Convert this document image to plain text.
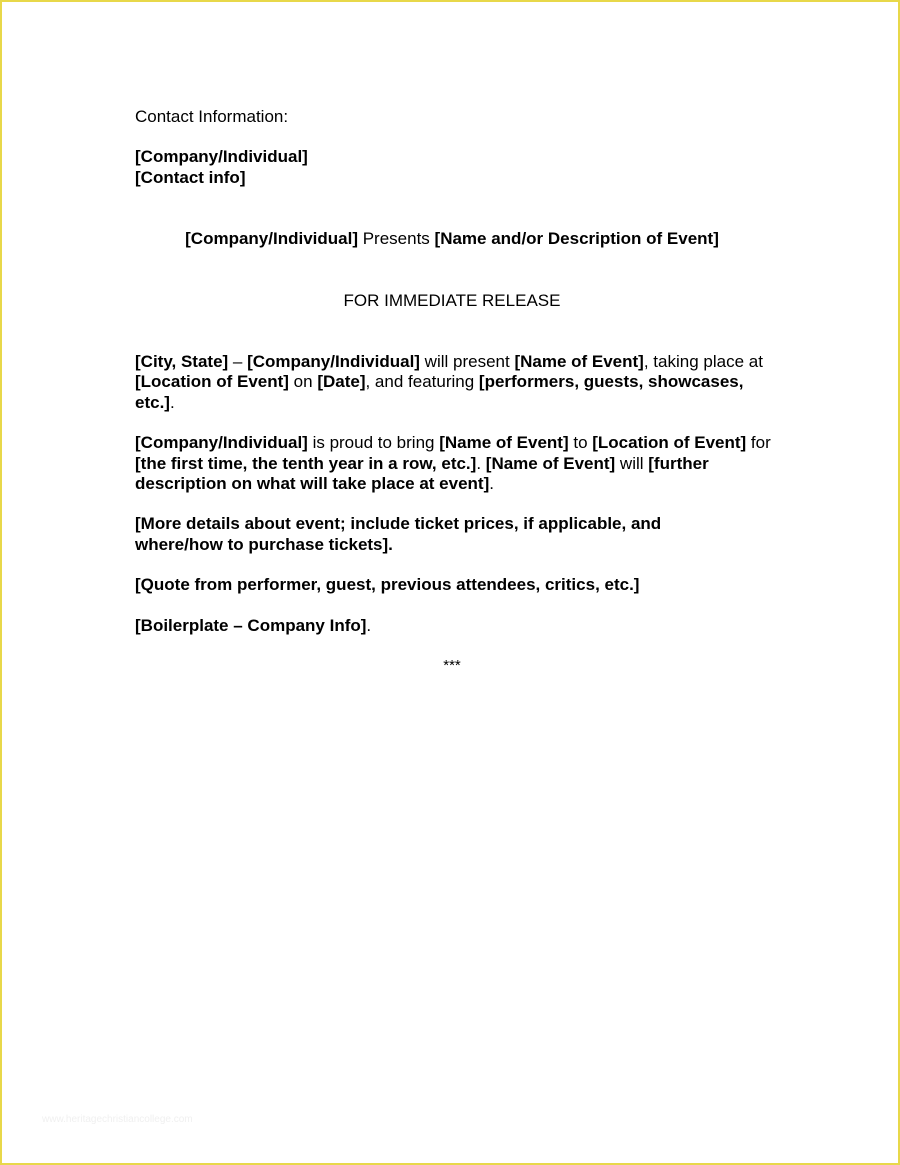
Contact Information:

[Company/Individual]
[Contact info]

[Company/Individual] Presents [Name and/or Description of Event]

FOR IMMEDIATE RELEASE

[City, State] – [Company/Individual] will present [Name of Event], taking place at [Location of Event] on [Date], and featuring [performers, guests, showcases, etc.].

[Company/Individual] is proud to bring [Name of Event] to [Location of Event] for [the first time, the tenth year in a row, etc.]. [Name of Event] will [further description on what will take place at event].

[More details about event; include ticket prices, if applicable, and where/how to purchase tickets].

[Quote from performer, guest, previous attendees, critics, etc.]

[Boilerplate – Company Info].

***

www.heritagechristiancollege.com
